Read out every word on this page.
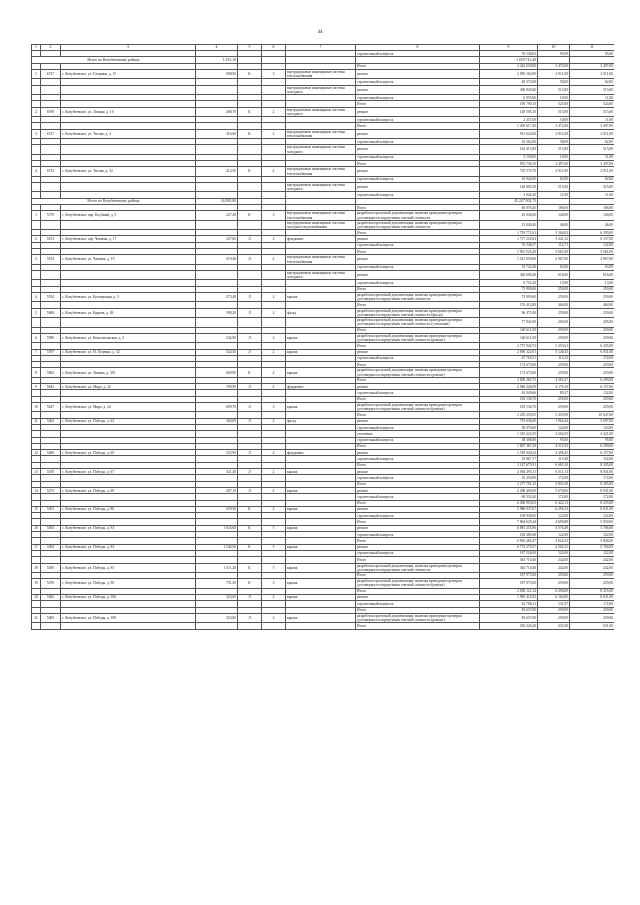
44
1	2	3	4	5	6	7	8	9	10	11
							строительный контроль	76 149,03	95,00	95,00
Итого по Кочубеевскому району			1 551,10					1 659 741,40		
							Итого	2 442 630,00	3 472,00	3 497,00
1	6737	с. Кочубеевское, ул. Гагарина, д. 15	698,50	К	3	внутридомовые инженерные системы теплоснабжения	ремонт	2 095 164,90	2 911,00	2 911,00
							строительный контроль	40 573,00	58,00	62,00
						внутридомовые инженерные системы холодного	ремонт	360 945,60	515,00	515,00
							строительный контроль	6 955,00	10,00	11,00
							Итого	190 790,10	525,00	524,00
2	6769	с. Кочубеевское, ул. Ленина, д. 16	268,70	К	2	внутридомовые инженерные системы холодного	ремонт	148 505,10	515,00	515,00
							строительный контроль	2 357,00	10,00	11,00
							Итого	1 205 617,20	3 472,00	3 497,00
3	6727	с. Кочубеевское, ул. Титова, д. 4	316,60	К	2	внутридомовые инженерные системы теплоснабжения	ремонт	931 622,60	2 911,00	2 911,00
							строительный контроль	16 362,00	58,00	62,00
						внутридомовые инженерные системы холодного	ремонт	162 415,00	515,00	515,00
							строительный контроль	3 158,00	10,00	11,00
							Итого	953 736,10	3 497,00	3 497,00
4	6733	с. Кочубеевское, ул. Титова, д. 32	212,50	К	2	внутридомовые инженерные системы теплоснабжения	ремонт	735 576,70	2 911,00	2 911,00
							строительный контроль	16 944,60	62,00	62,00
						внутридомовые инженерные системы холодного	ремонт	140 892,50	515,00	515,00
							строительный контроль	3 026,30	11,00	11,00
Итого по Кочубеевскому району			16 585,00					45 227 502,75		
							Итого	60 076,40	186,00	186,00
1	5579	с. Кочубеевское, пер. Клубный, д. 5	227,40	К	3	внутридомовые инженерные системы теплоснабжения	разработка проектной документации, включая проведение проверки достоверности определения сметной стоимости	45 036,00	140,00	140,00
						внутридомовые инженерные системы холодного водоснабжения	разработка проектной документации, включая проведение проверки достоверности определения сметной стоимости	15 040,40	46,00	46,00
							Итого	1 793 771,61	5 364,03	6 299,00
2	5672	с. Кочубеевское, пер. Чапаева, д. 17	327,60	Л	2	фундамент	ремонт	1 717 225,04	5 241,32	6 157,00
							строительный контроль	76 546,57	112,71	132,00
							Итого	1 901 525,40	5 661,00	5 661,00
3	5674	с. Кочубеевское, ул. Чапаева, д. 19	519,40	Л	2	внутридомовые инженерные системы теплоснабжения	ремонт	1 541 059,60	2 967,00	2 967,00
							строительный контроль	32 722,20	63,00	63,00
						внутридомовые инженерные системы холодного	ремонт	320 609,20	616,00	616,00
							строительный контроль	6 752,20	13,00	13,00
							Итого	73 990,60	259,00	259,00
4	5534	с. Кочубеевское, ул. Кооперации, д. 3	273,40	Л	2	крыша	разработка проектной документации, включая проведение проверки достоверности определения сметной стоимости	73 990,60	259,00	259,00
							Итого	176 412,80	464,00	464,00
5	5406	с. Кочубеевское, ул. Кирова, д. 49	398,20	Л	2	фасад	разработка проектной документации, включая проведение проверки достоверности определения сметной стоимости (фасад)	96 471,00	259,00	259,00
							разработка проектной документации, включая проведение проверки достоверности определения сметной стоимости (утепление)	77 941,00	205,00	205,00
							Итого	140 611,00	259,00	259,00
6	5590	с. Кочубеевское, ул. Комсомольская, д. 2	542,90	Л	2	крыша	разработка проектной документации, включая проведение проверки достоверности определения сметной стоимости (ремонт)	140 611,00	259,00	259,00
							Итого	2 757 944,72	5 253,61	6 205,00
7	5397	с. Кочубеевское, ул. Н. Луценко, д. 32	524,50	Л	2	крыша	ремонт	2 690 322,01	5 140,45	6 031,00
							строительный контроль	67 765,51	113,15	172,00
							Итого	172 675,00	259,00	259,00
8	5603	с. Кочубеевское, ул. Ленина, д. 391	669,90	К	2	крыша	разработка проектной документации, включая проведение проверки достоверности определения сметной стоимости (ремонт)	172 675,00	259,00	259,00
							Итого	3 009 265,75	4 265,47	6 299,00
9	5623	с. Кочубеевское, ул. Мира, д. 22	709,90	Л	2	фундамент	ремонт	2 946 226,09	4 176,10	6 157,00
							строительный контроль	63 049,66	89,37	132,00
							Итого	183 136,70	259,00	259,00
10	5627	с. Кочубеевское, ул. Мира, д. 24	699,70	Л	3	крыша	разработка проектной документации, включая проведение проверки достоверности определения сметной стоимости (ремонт)	183 136,70	259,00	259,00
							Итого	2 255 255,05	5 453,99	10 647,00
11	5463	с. Кочубеевское, ул. Победы, д. 63	404,00	Л	2	фасад	ремонт	755 636,00	1 964,44	5 097,00
							строительный контроль	50 076,00	124,00	124,00
							утепление	1 315 221,05	3 264,55	4 421,00
							строительный контроль	38 308,00	95,00	95,00
							Итого	1 807 367,29	4 511,95	6 299,00
12	5469	с. Кочубеевское, ул. Победы, д. 65	525,90	Л	2	фундамент	ремонт	1 749 030,22	4 396,45	6 157,00
							строительный контроль	55 867,17	115,40	132,00
							Итого	2 147 675,91	6 683,10	8 205,00
13	5470	с. Кочубеевское, ул. Победы, д. 67	321,40	Л	2	крыша	ремонт	2 092 495,11	6 511,13	8 031,00
							строительный контроль	55 250,80	172,00	172,00
							Итого	2 277 791,25	5 851,00	8 205,00
14	5473	с. Кочубеевское, ул. Победы, д. 69	407,10	Л	2	крыша	ремонт	2 208 400,08	5 678,06	8 031,00
							строительный контроль	69 533,20	172,00	172,00
							Итого	6 306 953,03	6 422,13	8 255,00
15	5491	с. Кочубеевское, ул. Победы, д. 80	639,50	К	2	крыша	ремонт	5 986 937,07	6 294,13	8 031,00
							строительный контроль	109 936,00	122,00	122,00
							Итого	7 864 645,44	4 699,88	5 830,00
16	5492	с. Кочубеевское, ул. Победы, д. 83	1 643,60	К	5	крыша	ремонт	6 881 255,96	4 576,49	5 706,00
							строительный контроль	183 389,48	122,00	122,00
							Итого	6 963 265,47	4 624,33	5 826,00
17	5494	с. Кочубеевское, ул. Победы, д. 83	1 544,50	К	5	крыша	ремонт	6 774 279,57	4 502,31	5 704,00
							строительный контроль	187 526,00	122,00	122,00
							Итого	363 710,40	242,00	242,00
18	5495	с. Кочубеевское, ул. Победы, д. 85	1 511,20	К	5	крыша	разработка проектной документации, включая проведение проверки достоверности определения сметной стоимости	363 710,40	242,00	242,00
							Итого	187 975,00	259,00	259,00
19	5476	с. Кочубеевское, ул. Победы, д. 96	751,50	К	3	крыша	разработка проектной документации, включая проведение проверки достоверности определения сметной стоимости (ремонт)	187 975,00	259,00	259,00
							Итого	2 038 121,34	6 296,00	8 255,00
20	5482	с. Кочубеевское, ул. Победы, д. 106	323,60	Л	2	крыша	ремонт	1 995 425,92	6 164,85	8 031,00
							строительный контроль	42 706,31	131,97	172,00
							Итого	83 637,00	259,00	259,00
21	5483	с. Кочубеевское, ул. Победы, д. 108	323,00	Л	2	крыша	разработка проектной документации, включая проведение проверки достоверности определения сметной стоимости (ремонт)	83 637,00	259,00	259,00
							Итого	265 226,20	631,00	631,00
